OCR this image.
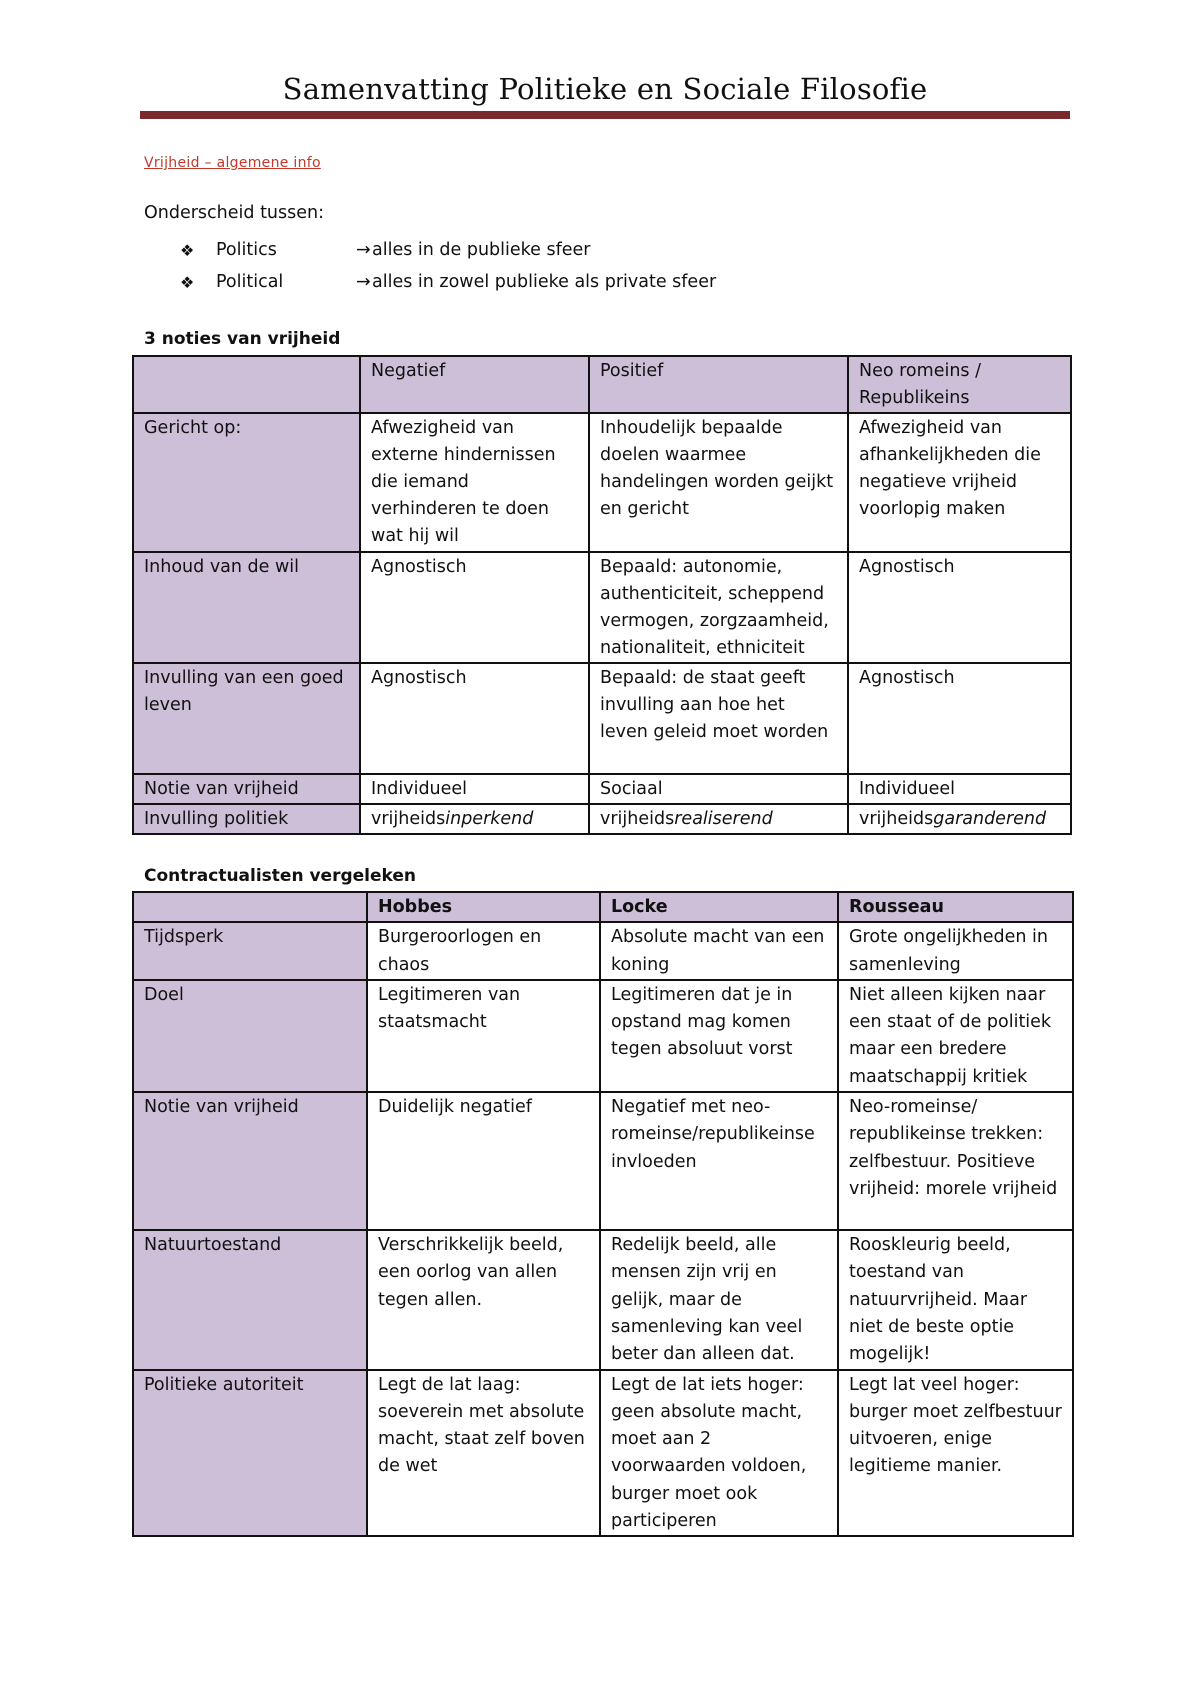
Samenvatting Politieke en Sociale Filosofie
Vrijheid – algemene info
Onderscheid tussen:
❖	Politics	→ alles in de publieke sfeer
❖	Political	→ alles in zowel publieke als private sfeer
3 noties van vrijheid
	Negatief	Positief	Neo romeins / Republikeins
Gericht op:	Afwezigheid van externe hindernissen die iemand verhinderen te doen wat hij wil	Inhoudelijk bepaalde doelen waarmee handelingen worden geijkt en gericht	Afwezigheid van afhankelijkheden die negatieve vrijheid voorlopig maken
Inhoud van de wil	Agnostisch	Bepaald: autonomie, authenticiteit, scheppend vermogen, zorgzaamheid, nationaliteit, ethniciteit	Agnostisch
Invulling van een goed leven	Agnostisch	Bepaald: de staat geeft invulling aan hoe het leven geleid moet worden	Agnostisch
Notie van vrijheid	Individueel	Sociaal	Individueel
Invulling politiek	vrijheidsinperkend	vrijheidsrealiserend	vrijheidsgaranderend
Contractualisten vergeleken
	Hobbes	Locke	Rousseau
Tijdsperk	Burgeroorlogen en chaos	Absolute macht van een koning	Grote ongelijkheden in samenleving
Doel	Legitimeren van staatsmacht	Legitimeren dat je in opstand mag komen tegen absoluut vorst	Niet alleen kijken naar een staat of de politiek maar een bredere maatschappij kritiek
Notie van vrijheid	Duidelijk negatief	Negatief met neo-romeinse/republikeinse invloeden	Neo-romeinse/ republikeinse trekken: zelfbestuur. Positieve vrijheid: morele vrijheid
Natuurtoestand	Verschrikkelijk beeld, een oorlog van allen tegen allen.	Redelijk beeld, alle mensen zijn vrij en gelijk, maar de samenleving kan veel beter dan alleen dat.	Rooskleurig beeld, toestand van natuurvrijheid. Maar niet de beste optie mogelijk!
Politieke autoriteit	Legt de lat laag: soeverein met absolute macht, staat zelf boven de wet	Legt de lat iets hoger: geen absolute macht, moet aan 2 voorwaarden voldoen, burger moet ook participeren	Legt lat veel hoger: burger moet zelfbestuur uitvoeren, enige legitieme manier.
